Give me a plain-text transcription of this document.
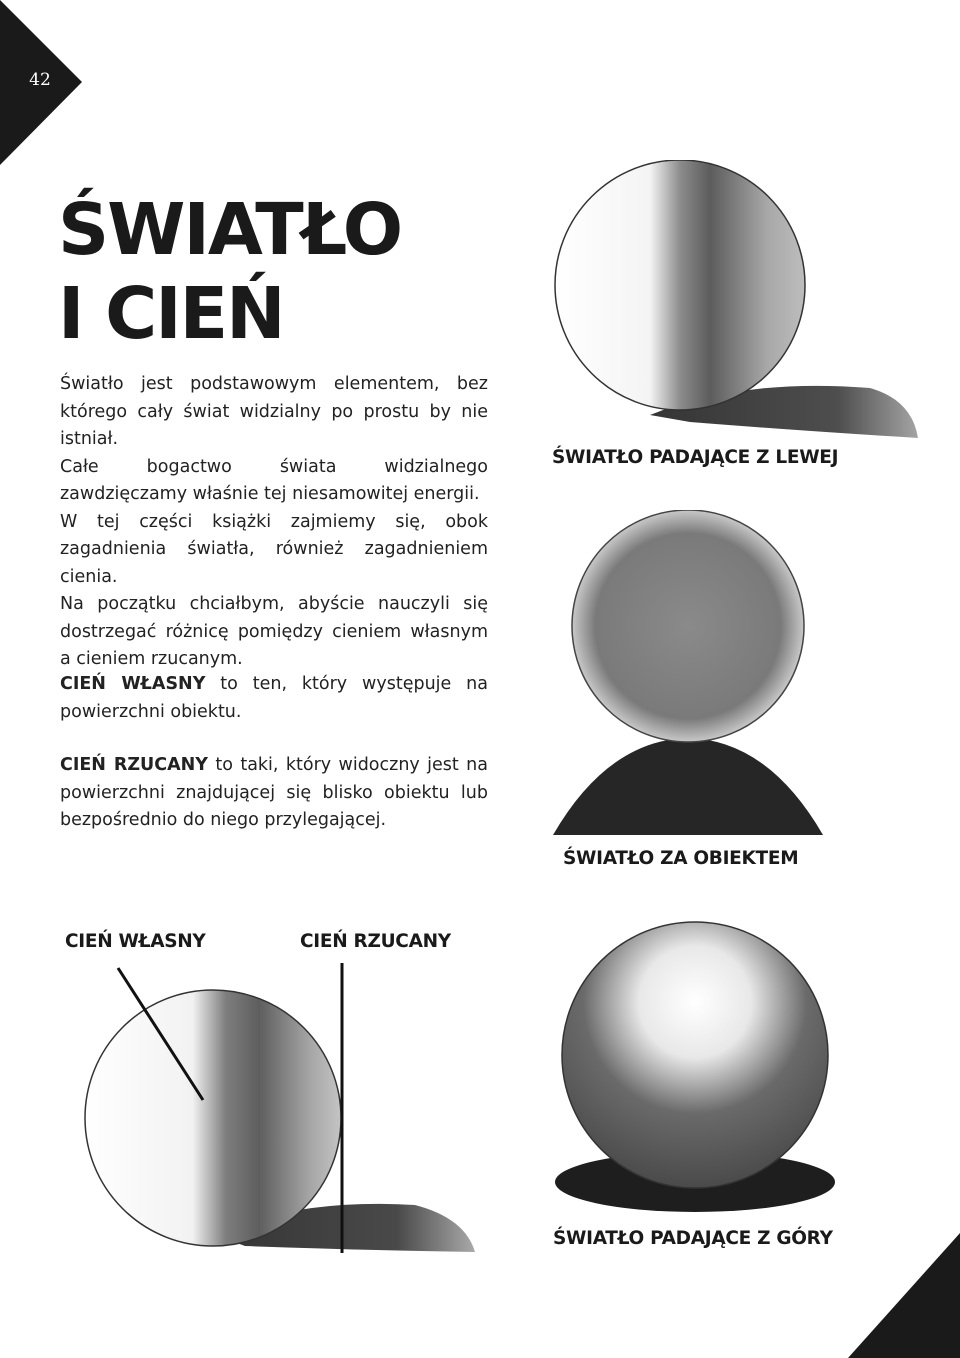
42
ŚWIATŁO
I CIEŃ

Światło jest podstawowym elementem, bez którego cały świat widzialny po prostu by nie istniał.

Całe bogactwo świata widzialnego zawdzięczamy właśnie tej niesamowitej energii.

W tej części książki zajmiemy się, obok zagadnienia światła, również zagadnieniem cienia.

Na początku chciałbym, abyście nauczyli się dostrzegać różnicę pomiędzy cieniem własnym a cieniem rzucanym.

CIEŃ WŁASNY to ten, który występuje na powierzchni obiektu.

CIEŃ RZUCANY to taki, który widoczny jest na powierzchni znajdującej się blisko obiektu lub bezpośrednio do niego przylegającej.

ŚWIATŁO PADAJĄCE Z LEWEJ
ŚWIATŁO ZA OBIEKTEM
CIEŃ WŁASNY	CIEŃ RZUCANY
ŚWIATŁO PADAJĄCE Z GÓRY
